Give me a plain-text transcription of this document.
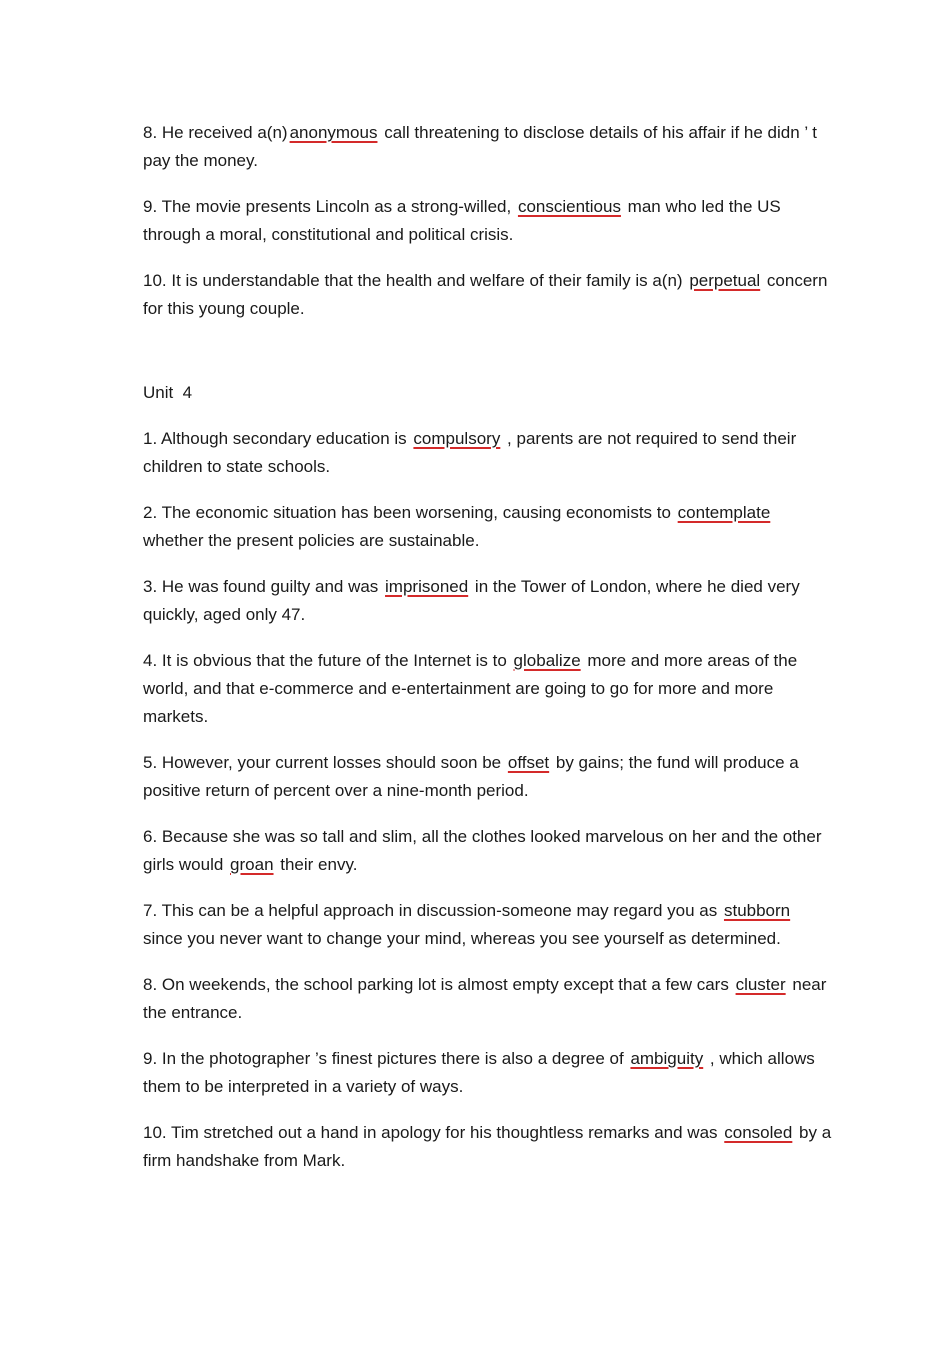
8. He received a(n) anonymous call threatening to disclose details of his affair if he didn ’ t pay the money.

9. The movie presents Lincoln as a strong-willed, conscientious man who led the US through a moral, constitutional and political crisis.

10. It is understandable that the health and welfare of their family is a(n) perpetual concern for this young couple.

Unit  4

1. Although secondary education is compulsory , parents are not required to send their children to state schools.

2. The economic situation has been worsening, causing economists to contemplate whether the present policies are sustainable.

3. He was found guilty and was imprisoned in the Tower of London, where he died very quickly, aged only 47.

4. It is obvious that the future of the Internet is to globalize more and more areas of the world, and that e-commerce and e-entertainment are going to go for more and more markets.

5. However, your current losses should soon be offset by gains; the fund will produce a positive return of percent over a nine-month period.

6. Because she was so tall and slim, all the clothes looked marvelous on her and the other girls would groan their envy.

7. This can be a helpful approach in discussion-someone may regard you as stubborn since you never want to change your mind, whereas you see yourself as determined.

8. On weekends, the school parking lot is almost empty except that a few cars cluster near the entrance.

9. In the photographer ’s finest pictures there is also a degree of ambiguity , which allows them to be interpreted in a variety of ways.

10. Tim stretched out a hand in apology for his thoughtless remarks and was consoled by a firm handshake from Mark.
